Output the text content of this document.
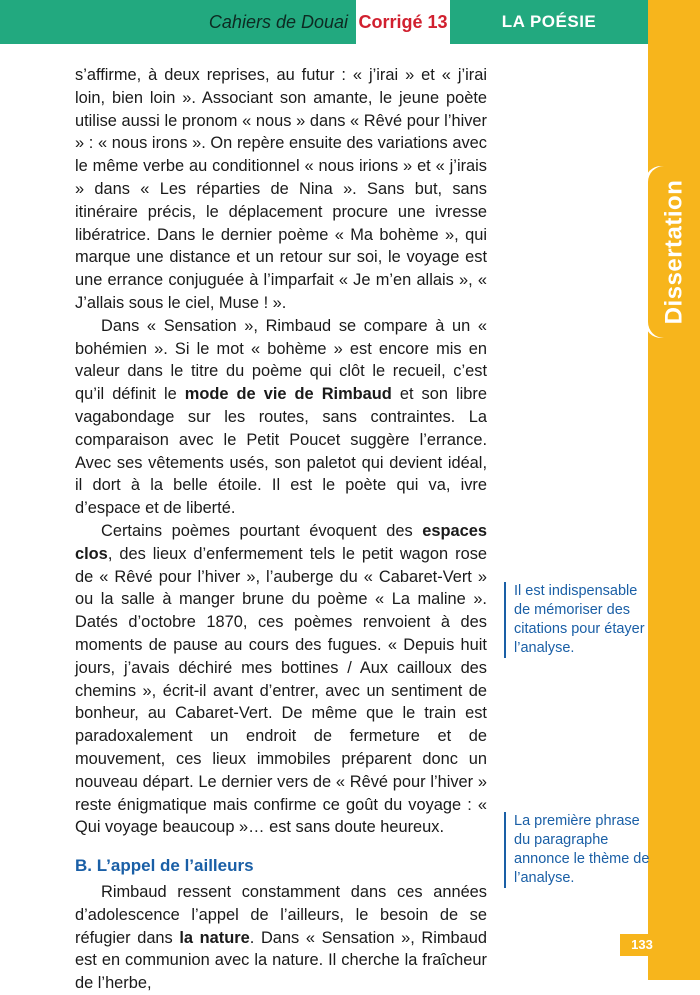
Cahiers de Douai Corrigé 13	LA POÉSIE
Dissertation

s’affirme, à deux reprises, au futur : « j’irai » et « j’irai loin, bien loin ». Associant son amante, le jeune poète utilise aussi le pronom « nous » dans « Rêvé pour l’hiver » : « nous irons ». On repère ensuite des variations avec le même verbe au conditionnel « nous irions » et « j’irais » dans « Les réparties de Nina ». Sans but, sans itinéraire précis, le déplacement procure une ivresse libératrice. Dans le dernier poème « Ma bohème », qui marque une distance et un retour sur soi, le voyage est une errance conjuguée à l’imparfait « Je m’en allais », « J’allais sous le ciel, Muse ! ».

Dans « Sensation », Rimbaud se compare à un « bohémien ». Si le mot « bohème » est encore mis en valeur dans le titre du poème qui clôt le recueil, c’est qu’il définit le mode de vie de Rimbaud et son libre vagabondage sur les routes, sans contraintes. La comparaison avec le Petit Poucet suggère l’errance. Avec ses vêtements usés, son paletot qui devient idéal, il dort à la belle étoile. Il est le poète qui va, ivre d’espace et de liberté.

Certains poèmes pourtant évoquent des espaces clos, des lieux d’enfermement tels le petit wagon rose de « Rêvé pour l’hiver », l’auberge du « Cabaret-Vert » ou la salle à manger brune du poème « La maline ». Datés d’octobre 1870, ces poèmes renvoient à des moments de pause au cours des fugues. « Depuis huit jours, j’avais déchiré mes bottines / Aux cailloux des chemins », écrit-il avant d’entrer, avec un sentiment de bonheur, au Cabaret-Vert. De même que le train est paradoxalement un endroit de fermeture et de mouvement, ces lieux immobiles préparent donc un nouveau départ. Le dernier vers de « Rêvé pour l’hiver » reste énigmatique mais confirme ce goût du voyage : « Qui voyage beaucoup »… est sans doute heureux.

B. L’appel de l’ailleurs

Rimbaud ressent constamment dans ces années d’adolescence l’appel de l’ailleurs, le besoin de se réfugier dans la nature. Dans « Sensation », Rimbaud est en communion avec la nature. Il cherche la fraîcheur de l’herbe,

Il est indispensable de mémoriser des citations pour étayer l’analyse.
La première phrase du paragraphe annonce le thème de l’analyse.
133
